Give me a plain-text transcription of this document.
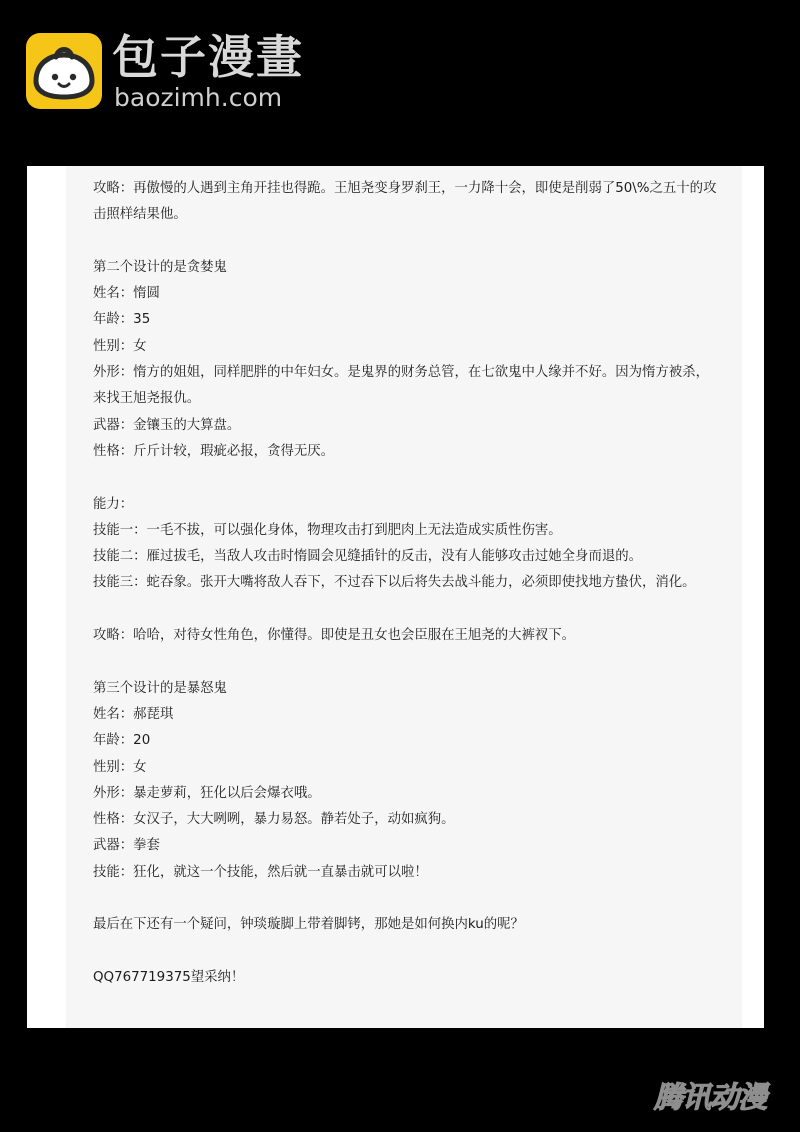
包子漫畫
baozimh.com
攻略：再傲慢的人遇到主角开挂也得跪。王旭尧变身罗刹王，一力降十会，即使是削弱了50\%之五十的攻
击照样结果他。
第二个设计的是贪婪鬼
姓名：惰圆
年龄：35
性别：女
外形：惰方的姐姐，同样肥胖的中年妇女。是鬼界的财务总管，在七欲鬼中人缘并不好。因为惰方被杀，
来找王旭尧报仇。
武器：金镶玉的大算盘。
性格：斤斤计较，瑕疵必报，贪得无厌。
能力：
技能一：一毛不拔，可以强化身体，物理攻击打到肥肉上无法造成实质性伤害。
技能二：雁过拔毛，当敌人攻击时惰圆会见缝插针的反击，没有人能够攻击过她全身而退的。
技能三：蛇吞象。张开大嘴将敌人吞下，不过吞下以后将失去战斗能力，必须即使找地方蛰伏，消化。
攻略：哈哈，对待女性角色，你懂得。即使是丑女也会臣服在王旭尧的大裤衩下。
第三个设计的是暴怒鬼
姓名：郝琵琪
年龄：20
性别：女
外形：暴走萝莉，狂化以后会爆衣哦。
性格：女汉子，大大咧咧，暴力易怒。静若处子，动如疯狗。
武器：拳套
技能：狂化，就这一个技能，然后就一直暴击就可以啦！
最后在下还有一个疑问，钟琰璇脚上带着脚铐，那她是如何换内ku的呢？
QQ767719375望采纳！
腾讯动漫
